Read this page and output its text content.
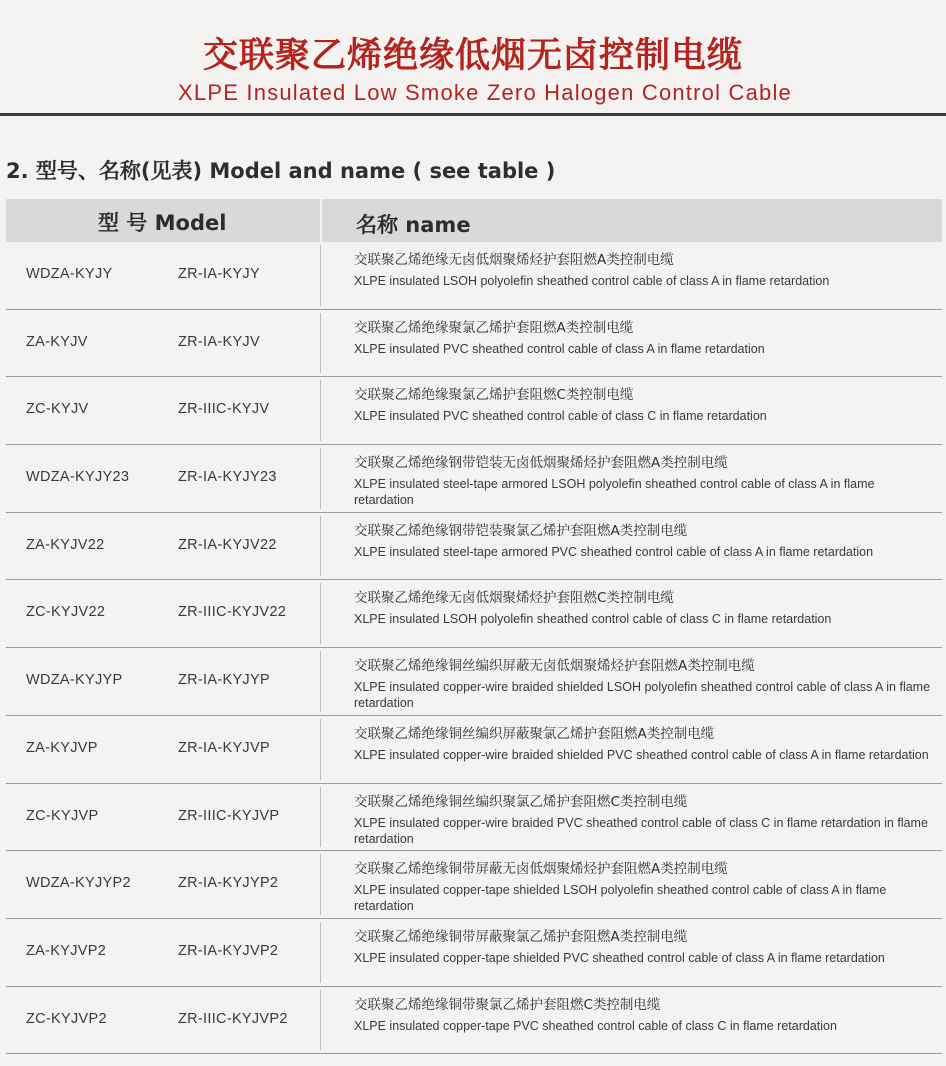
交联聚乙烯绝缘低烟无卤控制电缆
XLPE Insulated Low Smoke Zero Halogen Control Cable
2. 型号、名称(见表) Model and name ( see table )
型 号 Model	名称 name
WDZA-KYJY	ZR-IA-KYJY
交联聚乙烯绝缘无卤低烟聚烯烃护套阻燃A类控制电缆
XLPE insulated LSOH polyolefin sheathed control cable of class A in flame retardation
ZA-KYJV	ZR-IA-KYJV
交联聚乙烯绝缘聚氯乙烯护套阻燃A类控制电缆
XLPE insulated PVC sheathed control cable of class A in flame retardation
ZC-KYJV	ZR-IIIC-KYJV
交联聚乙烯绝缘聚氯乙烯护套阻燃C类控制电缆
XLPE insulated PVC sheathed control cable of class C in flame retardation
WDZA-KYJY23	ZR-IA-KYJY23
交联聚乙烯绝缘钢带铠装无卤低烟聚烯烃护套阻燃A类控制电缆
XLPE insulated steel-tape armored LSOH polyolefin sheathed control cable of class A in flame retardation
ZA-KYJV22	ZR-IA-KYJV22
交联聚乙烯绝缘钢带铠装聚氯乙烯护套阻燃A类控制电缆
XLPE insulated steel-tape armored PVC sheathed control cable of class A in flame retardation
ZC-KYJV22	ZR-IIIC-KYJV22
交联聚乙烯绝缘无卤低烟聚烯烃护套阻燃C类控制电缆
XLPE insulated LSOH polyolefin sheathed control cable of class C in flame retardation
WDZA-KYJYP	ZR-IA-KYJYP
交联聚乙烯绝缘铜丝编织屏蔽无卤低烟聚烯烃护套阻燃A类控制电缆
XLPE insulated copper-wire braided shielded LSOH polyolefin sheathed control cable of class A in flame retardation
ZA-KYJVP	ZR-IA-KYJVP
交联聚乙烯绝缘铜丝编织屏蔽聚氯乙烯护套阻燃A类控制电缆
XLPE insulated copper-wire braided shielded PVC sheathed control cable of class A in flame retardation
ZC-KYJVP	ZR-IIIC-KYJVP
交联聚乙烯绝缘铜丝编织聚氯乙烯护套阻燃C类控制电缆
XLPE insulated copper-wire braided PVC sheathed control cable of class C in flame retardation in flame retardation
WDZA-KYJYP2	ZR-IA-KYJYP2
交联聚乙烯绝缘铜带屏蔽无卤低烟聚烯烃护套阻燃A类控制电缆
XLPE insulated copper-tape shielded LSOH polyolefin sheathed control cable of class A in flame retardation
ZA-KYJVP2	ZR-IA-KYJVP2
交联聚乙烯绝缘铜带屏蔽聚氯乙烯护套阻燃A类控制电缆
XLPE insulated copper-tape shielded PVC sheathed control cable of class A in flame retardation
ZC-KYJVP2	ZR-IIIC-KYJVP2
交联聚乙烯绝缘铜带聚氯乙烯护套阻燃C类控制电缆
XLPE insulated copper-tape PVC sheathed control cable of class C in flame retardation
